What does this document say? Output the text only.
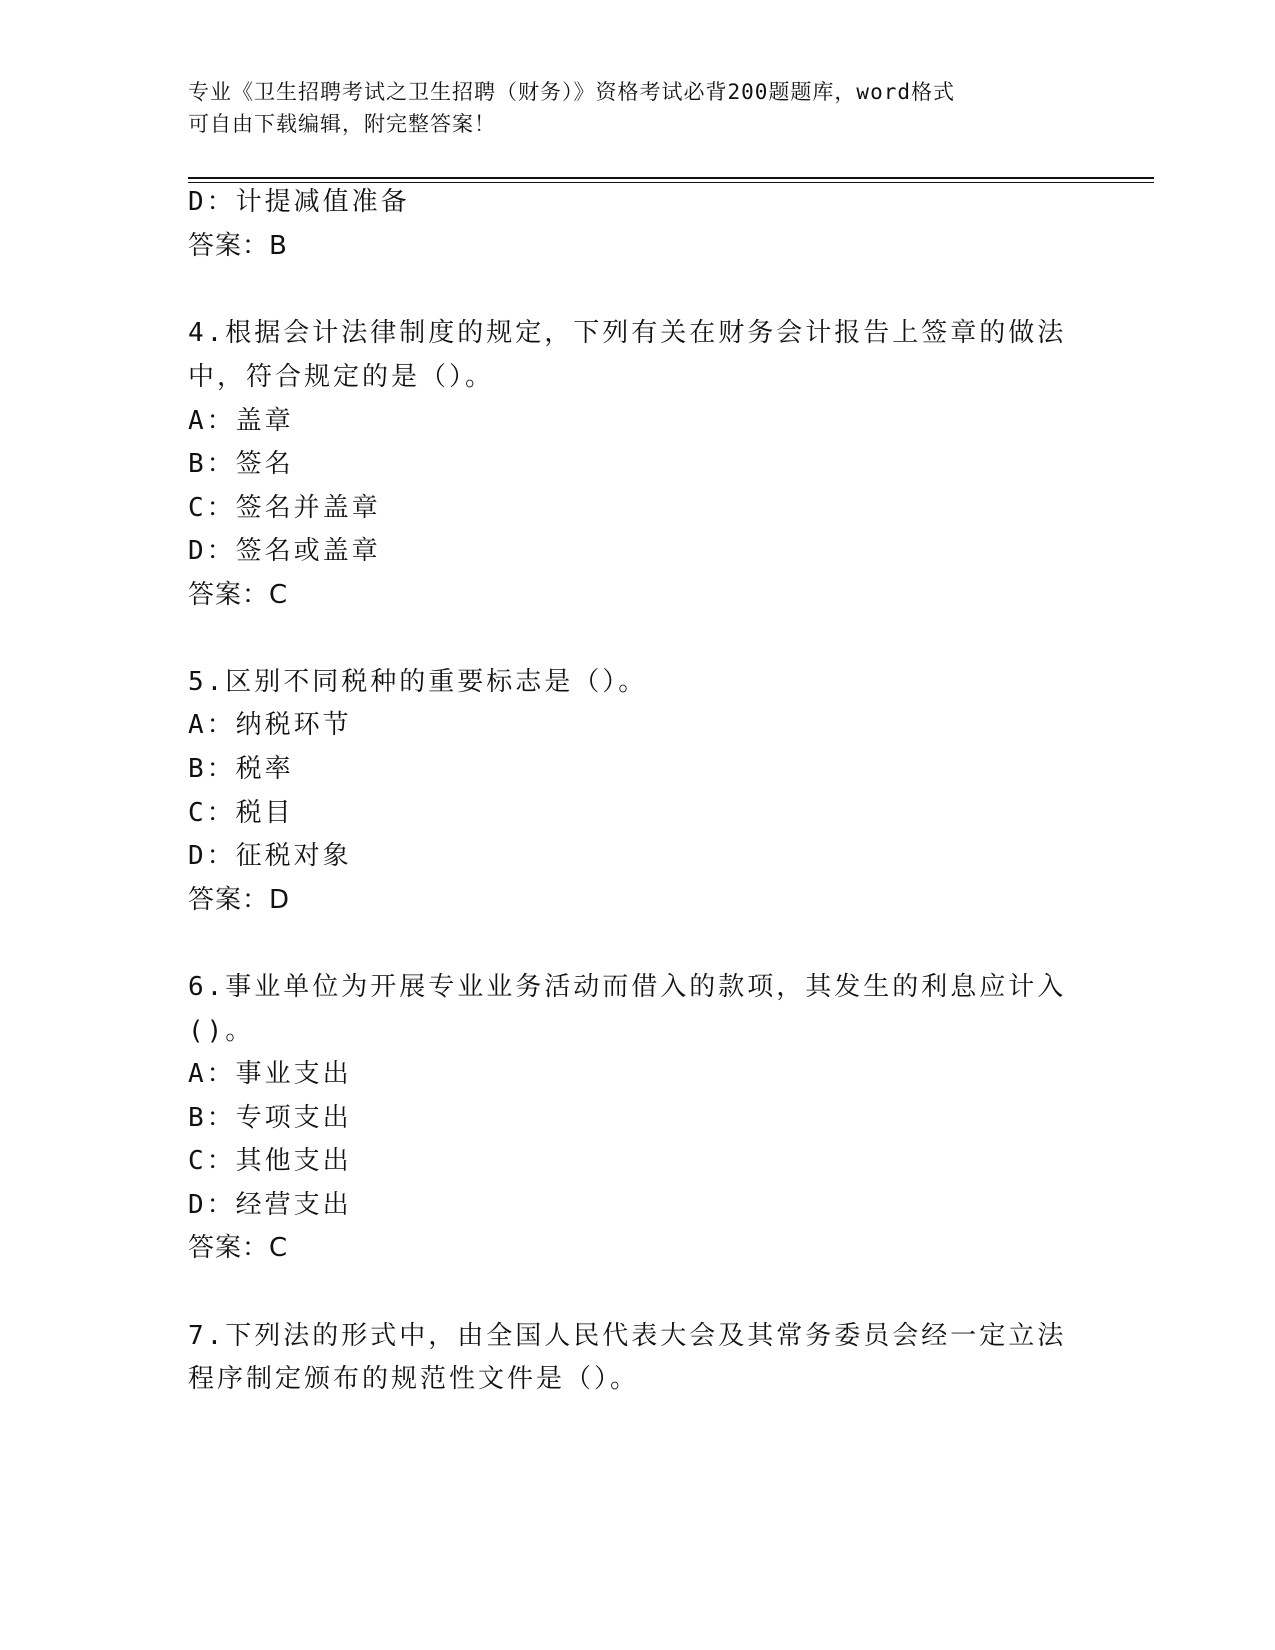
专业《卫生招聘考试之卫生招聘（财务）》资格考试必背200题题库，word格式
可自由下载编辑，附完整答案！
D：计提减值准备
答案：B
4.根据会计法律制度的规定，下列有关在财务会计报告上签章的做法
中，符合规定的是（）。
A：盖章
B：签名
C：签名并盖章
D：签名或盖章
答案：C
5.区别不同税种的重要标志是（）。
A：纳税环节
B：税率
C：税目
D：征税对象
答案：D
6.事业单位为开展专业业务活动而借入的款项，其发生的利息应计入
()。
A：事业支出
B：专项支出
C：其他支出
D：经营支出
答案：C
7.下列法的形式中，由全国人民代表大会及其常务委员会经一定立法
程序制定颁布的规范性文件是（）。
